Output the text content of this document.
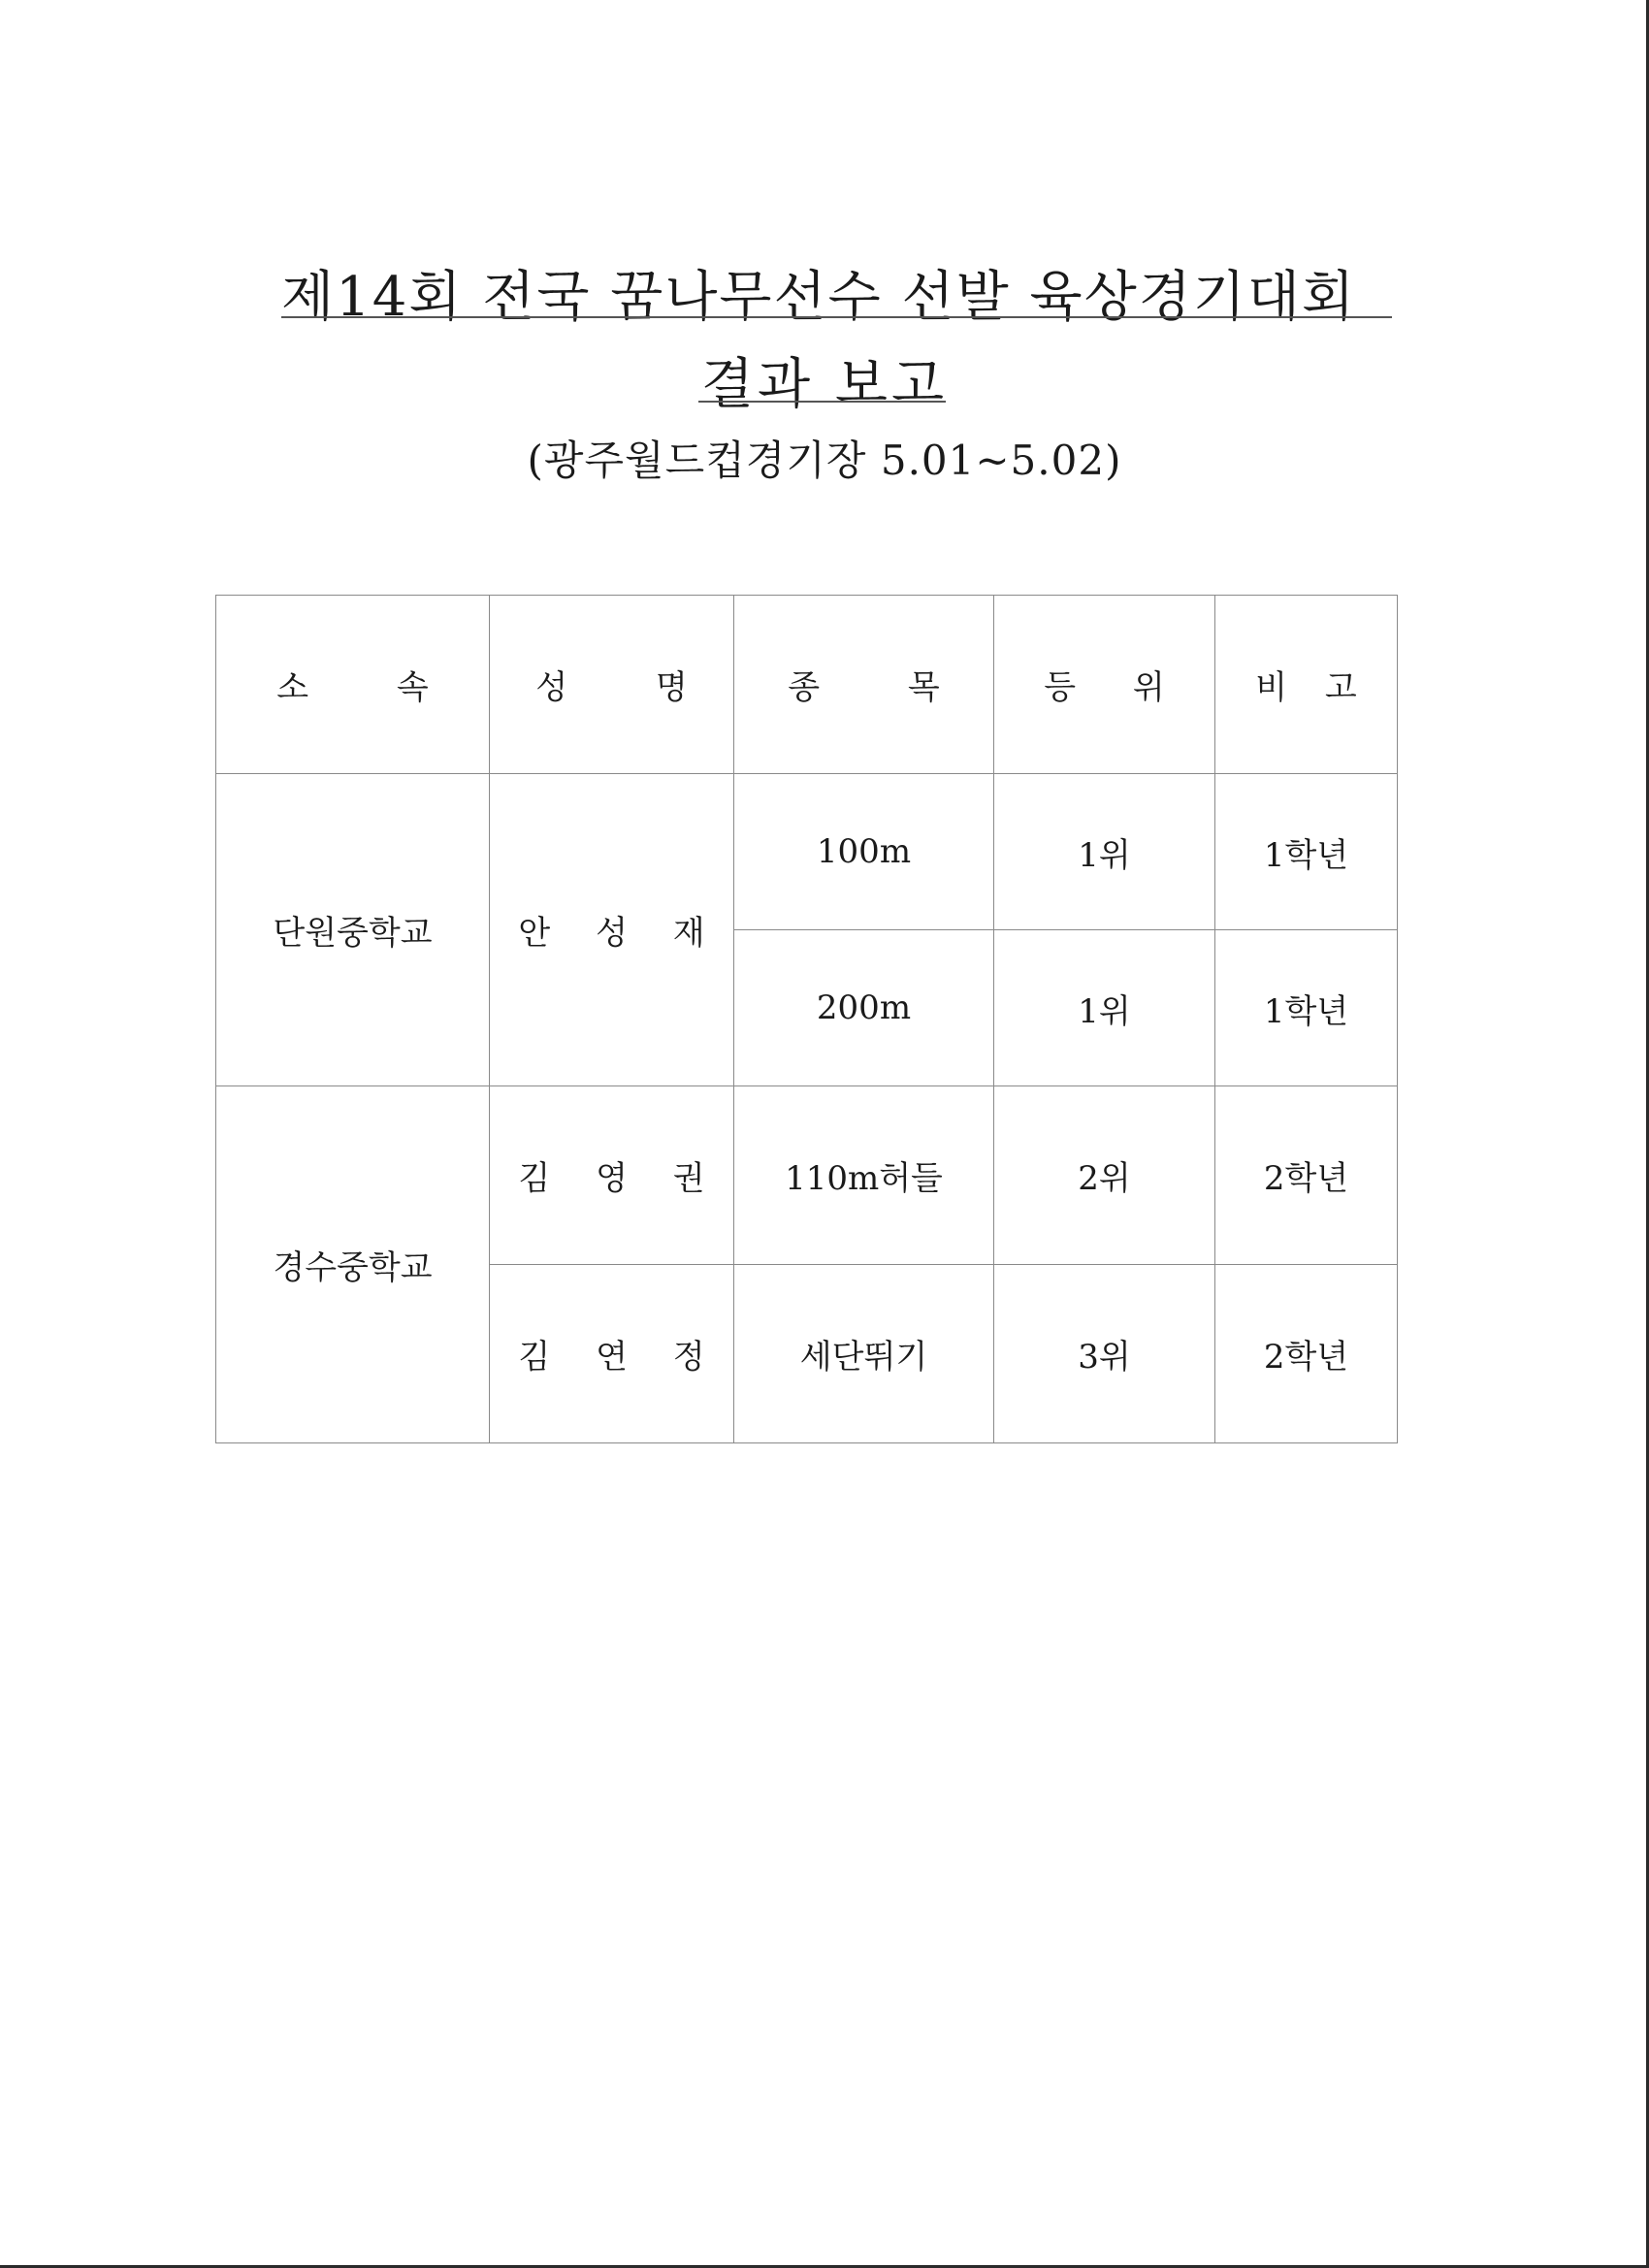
제14회 전국 꿈나무선수 선발 육상경기대회
결과 보고
(광주월드컵경기장 5.01~5.02)
소 속	성 명	종 목	등 위	비 고
단원중학교	안 성 재	100m	1위	1학년
		200m	1위	1학년
경수중학교	김 영 권	110m허들	2위	2학년
	김 연 정	세단뛰기	3위	2학년
